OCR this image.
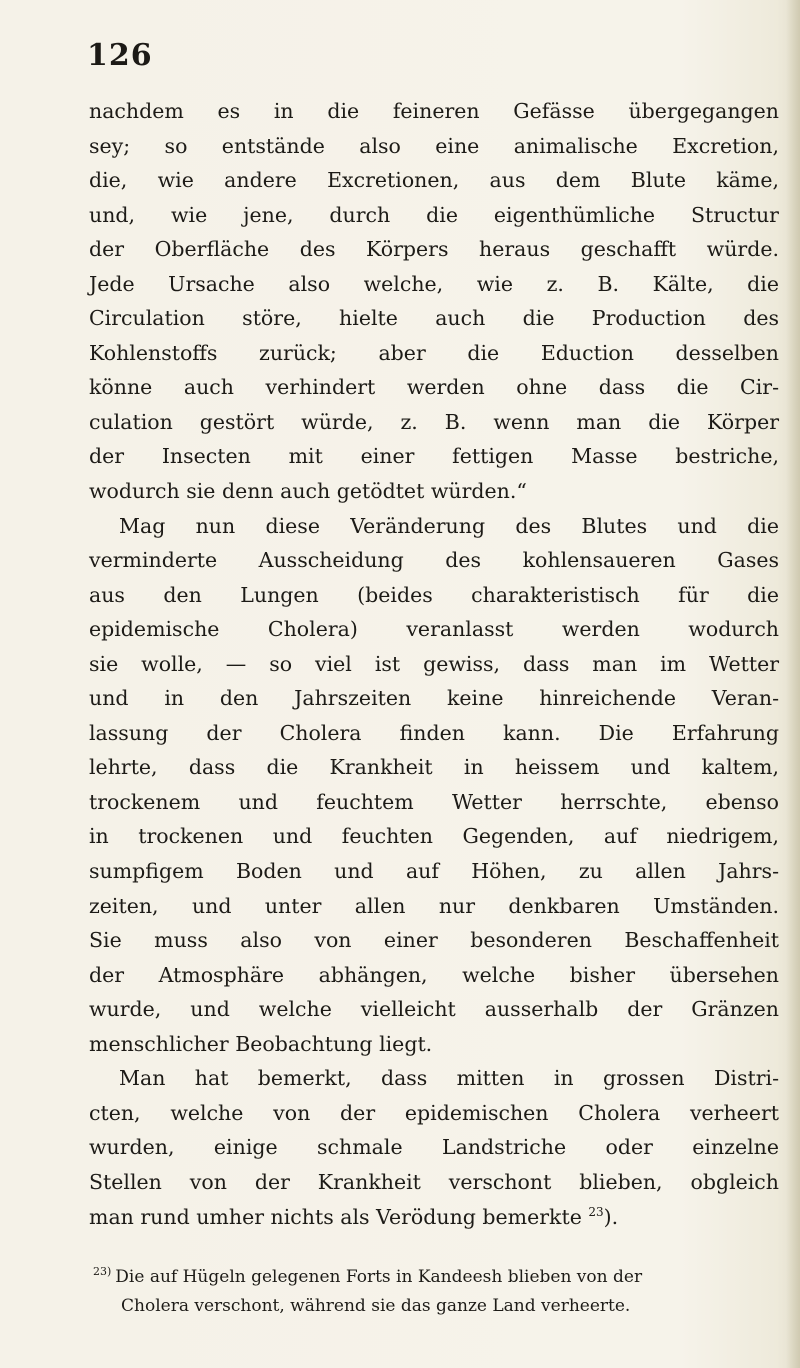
126
nachdem es in die feineren Gefässe übergegangen
sey; so entstände also eine animalische Excretion,
die, wie andere Excretionen, aus dem Blute käme,
und, wie jene, durch die eigenthümliche Structur
der Oberfläche des Körpers heraus geschafft würde.
Jede Ursache also welche, wie z. B. Kälte, die
Circulation störe, hielte auch die Production des
Kohlenstoffs zurück; aber die Eduction desselben
könne auch verhindert werden ohne dass die Cir-
culation gestört würde, z. B. wenn man die Körper
der Insecten mit einer fettigen Masse bestriche,
wodurch sie denn auch getödtet würden.“
Mag nun diese Veränderung des Blutes und die
verminderte Ausscheidung des kohlensaueren Gases
aus den Lungen (beides charakteristisch für die
epidemische Cholera) veranlasst werden wodurch
sie wolle, — so viel ist gewiss, dass man im Wetter
und in den Jahrszeiten keine hinreichende Veran-
lassung der Cholera finden kann. Die Erfahrung
lehrte, dass die Krankheit in heissem und kaltem,
trockenem und feuchtem Wetter herrschte, ebenso
in trockenen und feuchten Gegenden, auf niedrigem,
sumpfigem Boden und auf Höhen, zu allen Jahrs-
zeiten, und unter allen nur denkbaren Umständen.
Sie muss also von einer besonderen Beschaffenheit
der Atmosphäre abhängen, welche bisher übersehen
wurde, und welche vielleicht ausserhalb der Gränzen
menschlicher Beobachtung liegt.
Man hat bemerkt, dass mitten in grossen Distri-
cten, welche von der epidemischen Cholera verheert
wurden, einige schmale Landstriche oder einzelne
Stellen von der Krankheit verschont blieben, obgleich
man rund umher nichts als Verödung bemerkte $^{23}$).
$^{23)}$ Die auf Hügeln gelegenen Forts in Kandeesh blieben von der
Cholera verschont, während sie das ganze Land verheerte.
